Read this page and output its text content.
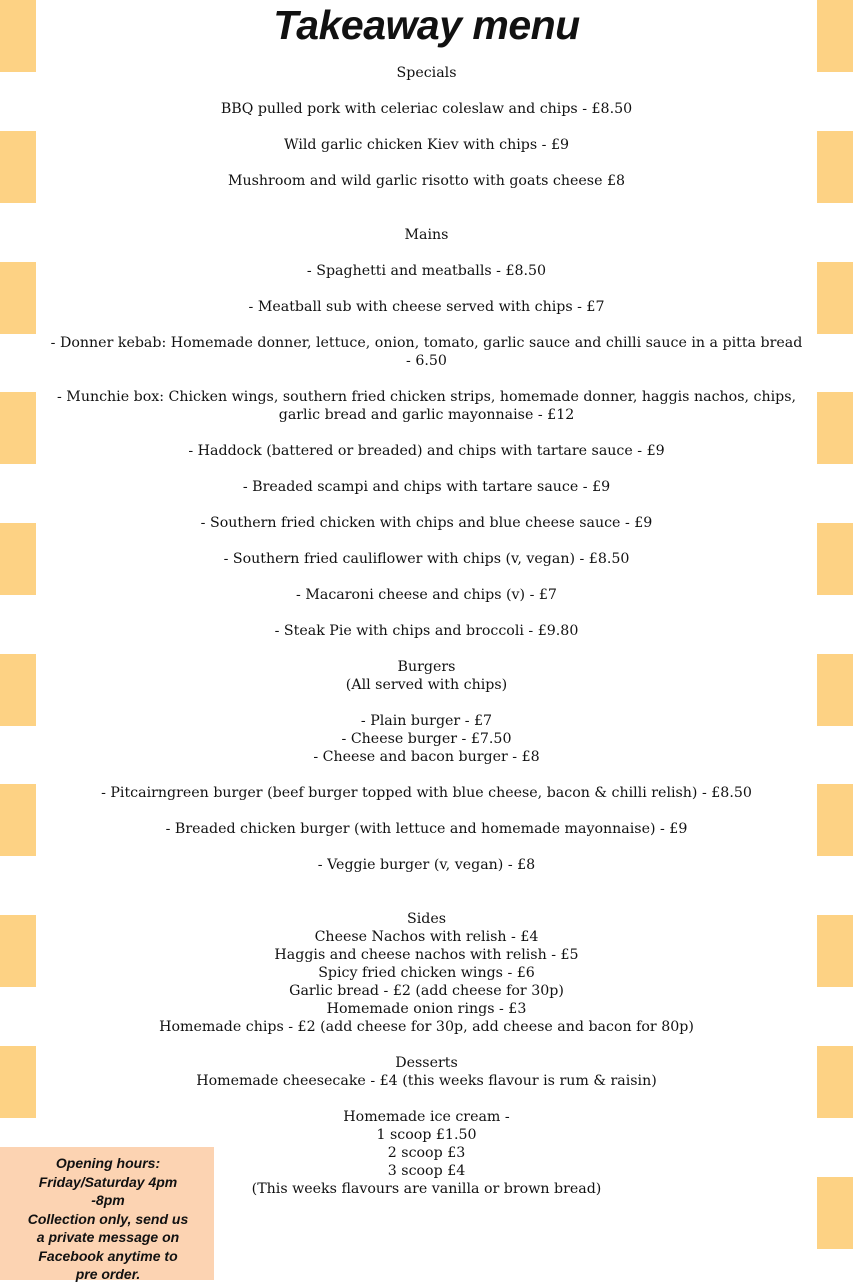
Takeaway menu

Specials

BBQ pulled pork with celeriac coleslaw and chips - £8.50

Wild garlic chicken Kiev with chips - £9

Mushroom and wild garlic risotto with goats cheese £8

Mains

- Spaghetti and meatballs - £8.50

- Meatball sub with cheese served with chips - £7

- Donner kebab: Homemade donner, lettuce, onion, tomato, garlic sauce and chilli sauce in a pitta bread - 6.50

- Munchie box: Chicken wings, southern fried chicken strips, homemade donner, haggis nachos, chips, garlic bread and garlic mayonnaise - £12

- Haddock (battered or breaded) and chips with tartare sauce - £9

- Breaded scampi and chips with tartare sauce - £9

- Southern fried chicken with chips and blue cheese sauce - £9

- Southern fried cauliflower with chips (v, vegan) - £8.50

- Macaroni cheese and chips (v) - £7

- Steak Pie with chips and broccoli - £9.80

Burgers

(All served with chips)

- Plain burger - £7

- Cheese burger - £7.50

- Cheese and bacon burger - £8

- Pitcairngreen burger (beef burger topped with blue cheese, bacon & chilli relish) - £8.50

- Breaded chicken burger (with lettuce and homemade mayonnaise) - £9

- Veggie burger (v, vegan) - £8

Sides

Cheese Nachos with relish - £4

Haggis and cheese nachos with relish - £5

Spicy fried chicken wings - £6

Garlic bread - £2 (add cheese for 30p)

Homemade onion rings - £3

Homemade chips - £2 (add cheese for 30p, add cheese and bacon for 80p)

Desserts

Homemade cheesecake - £4 (this weeks flavour is rum & raisin)

Homemade ice cream -

1 scoop £1.50

2 scoop £3

3 scoop £4

(This weeks flavours are vanilla or brown bread)

Opening hours:

Friday/Saturday 4pm

-8pm

Collection only, send us

a private message on

Facebook anytime to

pre order.
